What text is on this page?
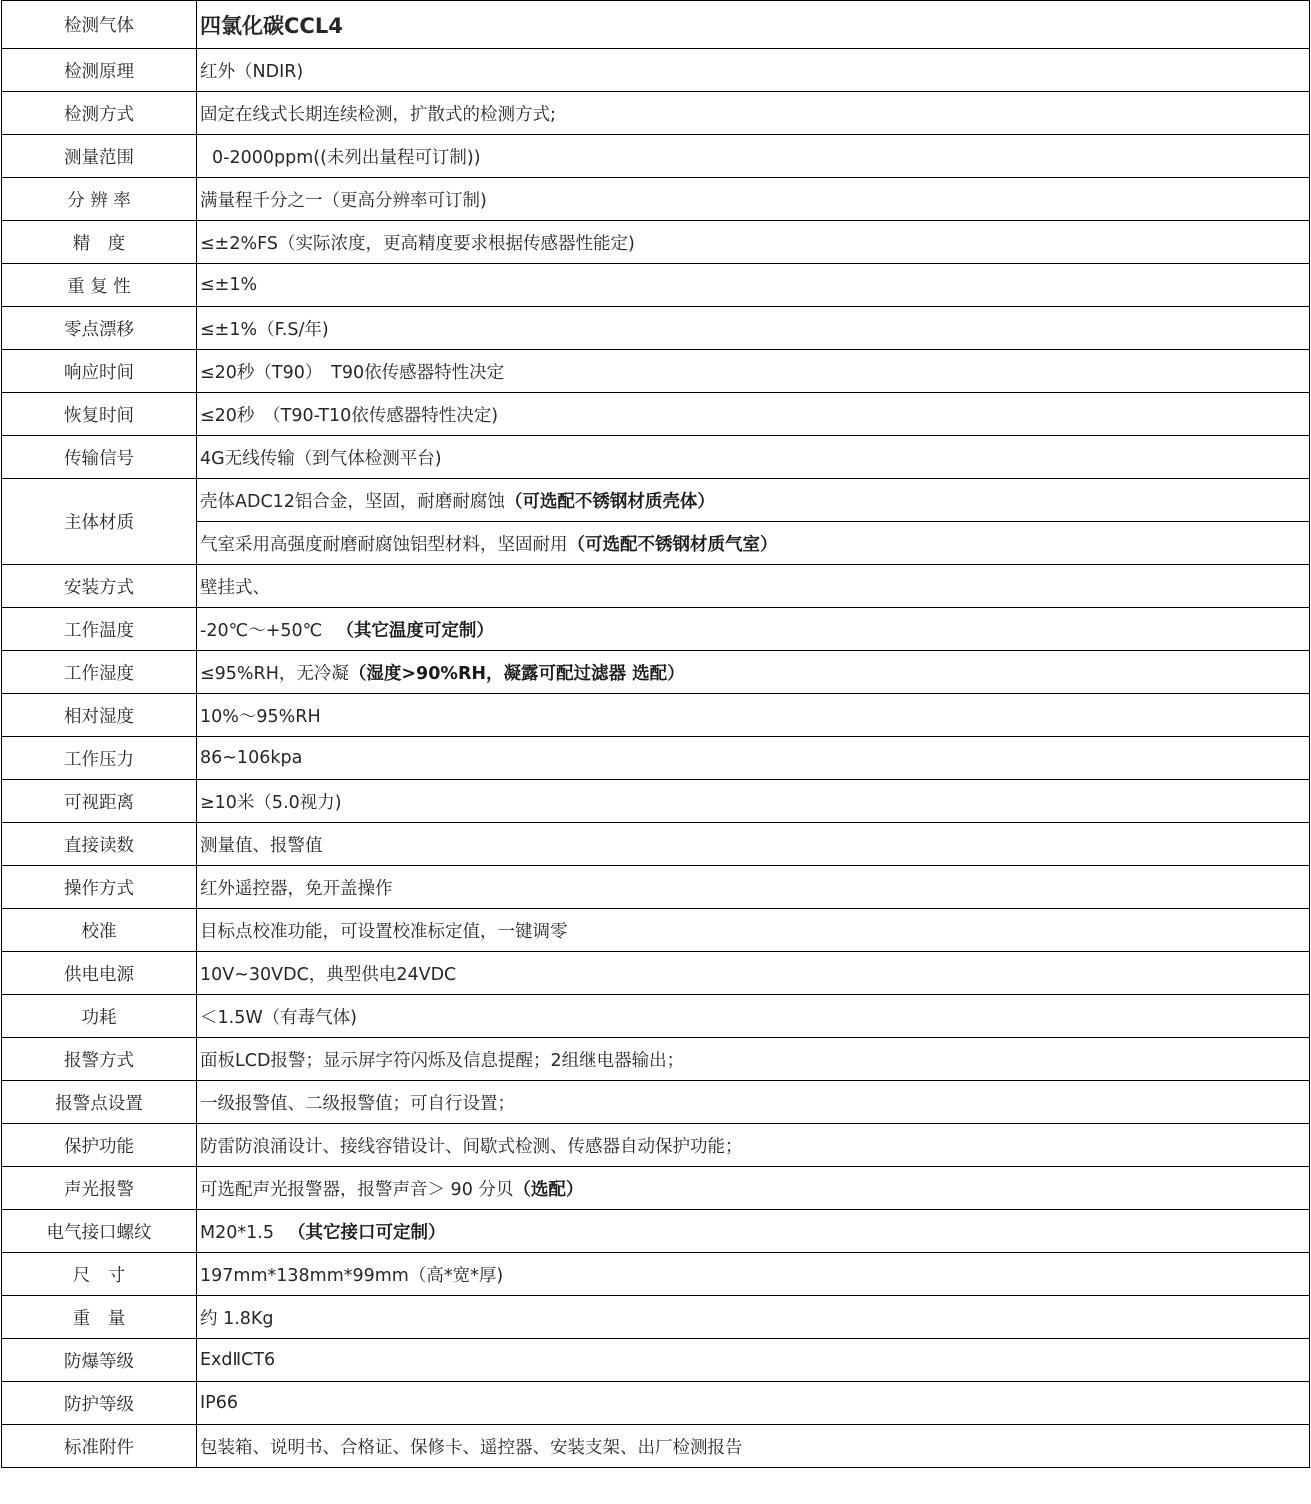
检测气体	四氯化碳CCL4
检测原理	红外（NDIR)
检测方式	固定在线式长期连续检测，扩散式的检测方式;
测量范围	0-2000ppm((未列出量程可订制))
分 辨 率	满量程千分之一（更高分辨率可订制)
精　度	≤±2%FS（实际浓度，更高精度要求根据传感器性能定)
重 复 性	≤±1%
零点漂移	≤±1%（F.S/年)
响应时间	≤20秒（T90）　T90依传感器特性决定
恢复时间	≤20秒　（T90-T10依传感器特性决定)
传输信号	4G无线传输（到气体检测平台)
主体材质	壳体ADC12铝合金，坚固，耐磨耐腐蚀（可选配不锈钢材质壳体）
	气室采用高强度耐磨耐腐蚀铝型材料，坚固耐用（可选配不锈钢材质气室）
安装方式	壁挂式、
工作温度	-20℃～+50℃ （其它温度可定制）
工作湿度	≤95%RH，无冷凝（湿度>90%RH，凝露可配过滤器 选配）
相对湿度	10%～95%RH
工作压力	86~106kpa
可视距离	≥10米（5.0视力)
直接读数	测量值、报警值
操作方式	红外遥控器，免开盖操作
校准	目标点校准功能，可设置校准标定值，一键调零
供电电源	10V~30VDC，典型供电24VDC
功耗	＜1.5W（有毒气体)
报警方式	面板LCD报警；显示屏字符闪烁及信息提醒；2组继电器输出；
报警点设置	一级报警值、二级报警值；可自行设置；
保护功能	防雷防浪涌设计、接线容错设计、间歇式检测、传感器自动保护功能；
声光报警	可选配声光报警器，报警声音＞ 90 分贝（选配）
电气接口螺纹	M20*1.5 （其它接口可定制）
尺　寸	197mm*138mm*99mm（高*宽*厚)
重　量	约 1.8Kg
防爆等级	ExdⅡCT6
防护等级	IP66
标准附件	包装箱、说明书、合格证、保修卡、遥控器、安装支架、出厂检测报告
